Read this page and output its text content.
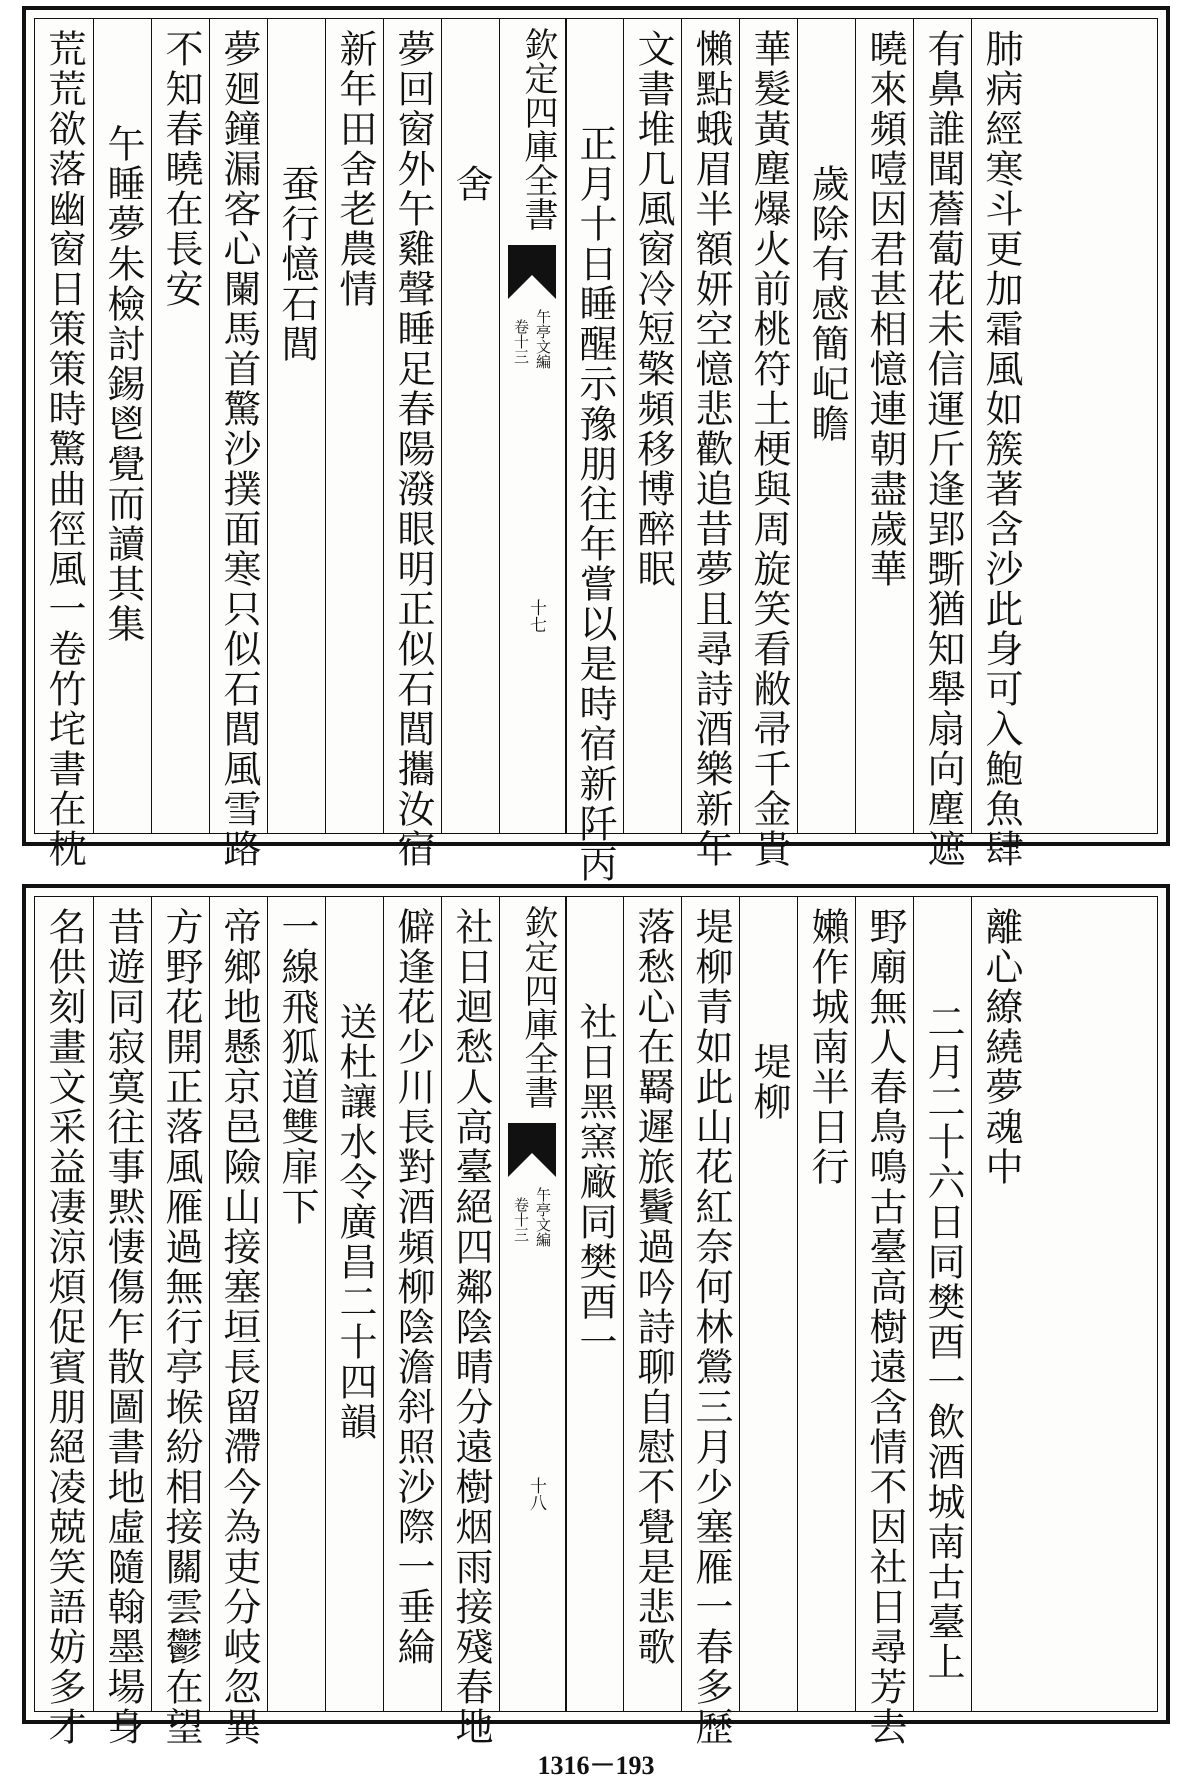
荒荒欲落幽窗日策策時驚曲徑風一卷竹垞書在枕 午睡夢朱檢討錫鬯覺而讀其集 不知春曉在長安 夢廻鐘漏客心闌馬首驚沙撲面寒只似石閭風雪路 蚕行憶石閭 新年田舍老農情 夢回窗外午雞聲睡足春陽潑眼明正似石閭攜汝宿 舍 欽定四庫全書
午亭文編
卷十三
十七 正月十日睡醒示豫朋往年嘗以是時宿新阡丙 文書堆几風窗冷短檠頻移博醉眠 懶點蛾眉半額妍空憶悲歡追昔夢且尋詩酒樂新年 華髮黃塵爆火前桃符土梗與周旋笑看敝帚千金貴 歲除有感簡屺瞻 曉來頻噎因君甚相憶連朝盡歲華 有鼻誰聞薝蔔花未信運斤逢郢斲猶知舉扇向塵遮 肺病經寒斗更加霜風如簇著含沙此身可入鮑魚肆
名供刻畫文采益凄涼煩促賓朋絕凌兢笑語妨多才 昔遊同寂寞往事黙悽傷乍散圖書地虛隨翰墨場身 方野花開正落風雁過無行亭堠紛相接關雲鬱在望 帝鄉地懸京邑險山接塞垣長留滯今為吏分岐忽異 一線飛狐道雙扉下 送杜讓水令廣昌二十四韻 僻逢花少川長對酒頻柳陰澹斜照沙際一垂綸 社日迴愁人高臺絕四鄰陰晴分遠樹烟雨接殘春地 欽定四庫全書
午亭文編
卷十三
十八
社日黑窯廠同樊酉一 落愁心在羇遲旅鬢過吟詩聊自慰不覺是悲歌 堤柳青如此山花紅奈何林鶯三月少塞雁一春多歷 堤柳 嬾作城南半日行 野廟無人春鳥鳴古臺高樹遠含情不因社日尋芳去 二月二十六日同樊酉一飲酒城南古臺上 離心繚繞夢魂中
1316－193
